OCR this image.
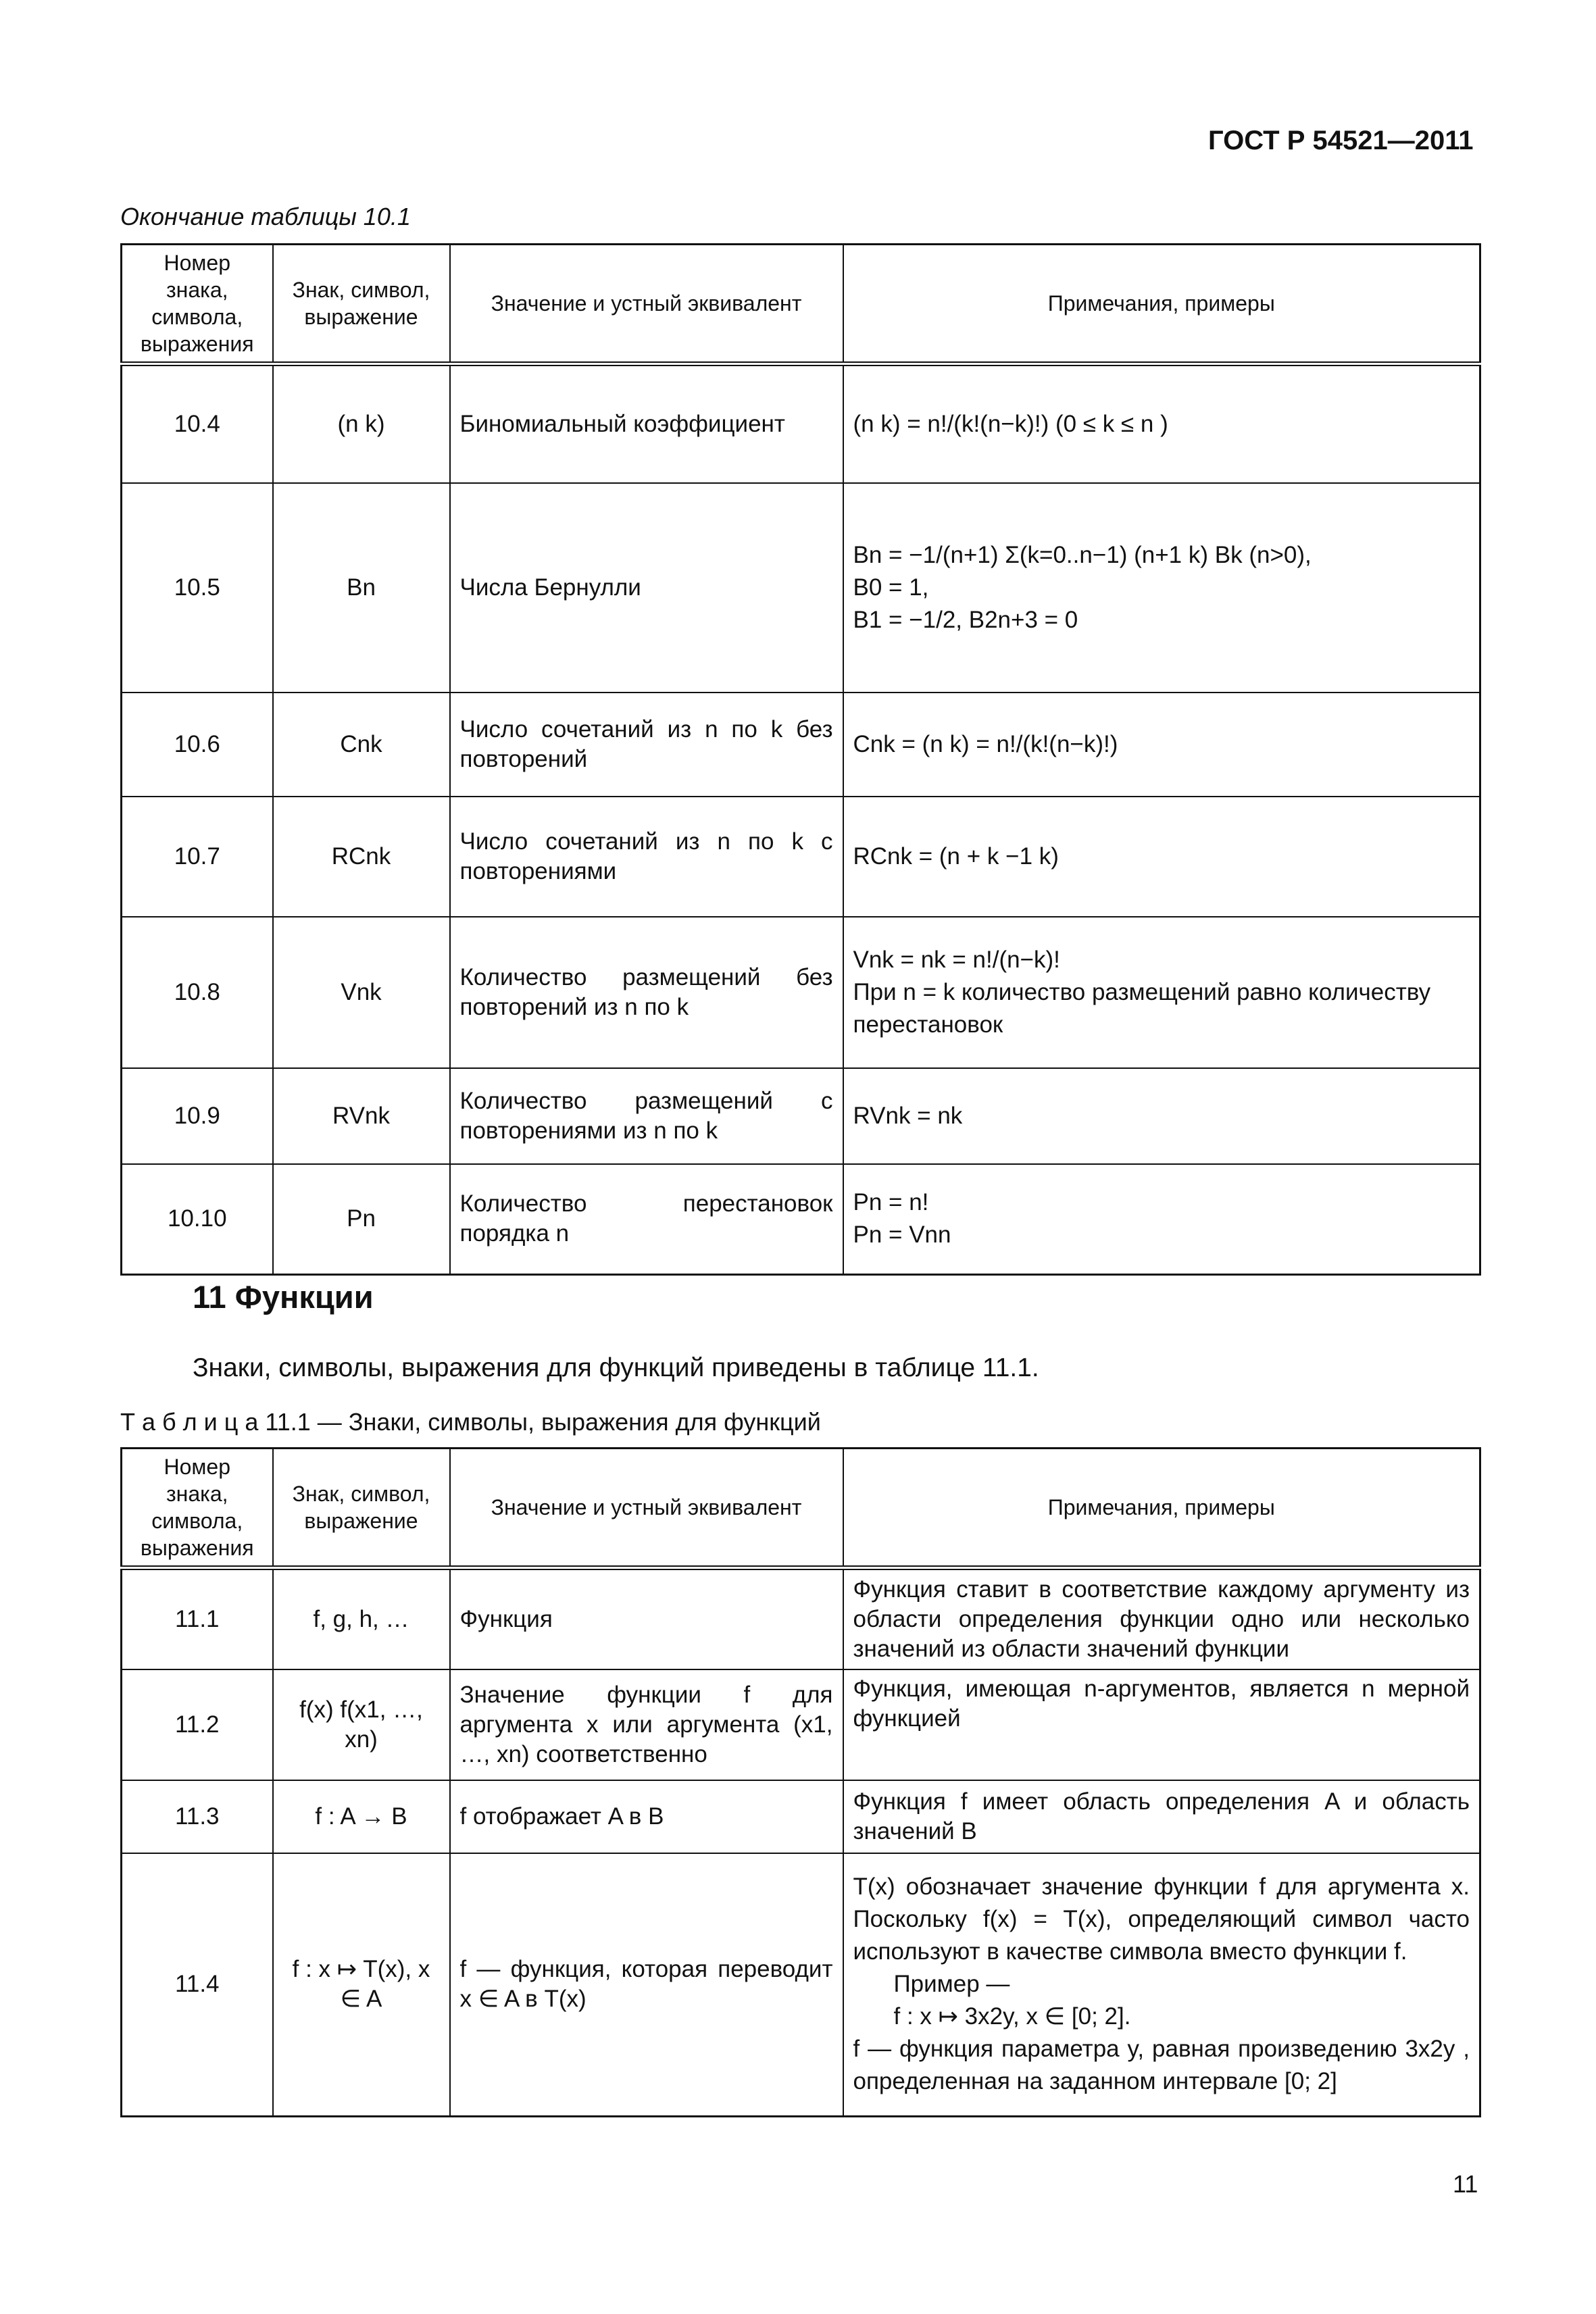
ГОСТ Р 54521—2011
Окончание таблицы 10.1
Номер знака, символа, выражения	Знак, символ, выражение	Значение и устный эквивалент	Примечания, примеры
10.4	(n k)	Биномиальный коэффициент	(n k) = n!/(k!(n−k)!) (0 ≤ k ≤ n )

10.5	Bn	Числа Бернулли	Bn = −1/(n+1) Σ(k=0..n−1) (n+1 k) Bk (n>0),
B0 = 1,
B1 = −1/2, B2n+3 = 0

10.6	Cnk	Число сочетаний из n по k без повторений	Cnk = (n k) = n!/(k!(n−k)!)

10.7	RCnk	Число сочетаний из n по k с повторениями	RCnk = (n + k −1 k)

10.8	Vnk	Количество размещений без повторений из n по k	Vnk = nk = n!/(n−k)!
При n = k количество размещений равно количеству перестановок

10.9	RVnk	Количество размещений с повторениями из n по k	RVnk = nk

10.10	Pn	Количество перестановок порядка n	Pn = n!
Pn = Vnn
11 Функции
Знаки, символы, выражения для функций приведены в таблице 11.1.
Т а б л и ц а 11.1 — Знаки, символы, выражения для функций
Номер знака, символа, выражения	Знак, символ, выражение	Значение и устный эквивалент	Примечания, примеры
11.1	f, g, h, …	Функция	Функция ставит в соответствие каждому аргументу из области определения функции одно или несколько значений из области значений функции
11.2	f(x) f(x1, …, xn)	Значение функции f для аргумента x или аргумента (x1, …, xn) соответственно	Функция, имеющая n-аргументов, является n мерной функцией
11.3	f : A → B	f отображает A в B	Функция f имеет область определения A и область значений B
11.4	f : x ↦ T(x), x ∈ A	f — функция, которая переводит x ∈ A в T(x)	T(x) обозначает значение функции f для аргумента x. Поскольку f(x) = T(x), определяющий символ часто используют в качестве символа вместо функции f.
Пример —
f : x ↦ 3x2y, x ∈ [0; 2].
f — функция параметра y, равная произведению 3x2y , определенная на заданном интервале [0; 2]
11
